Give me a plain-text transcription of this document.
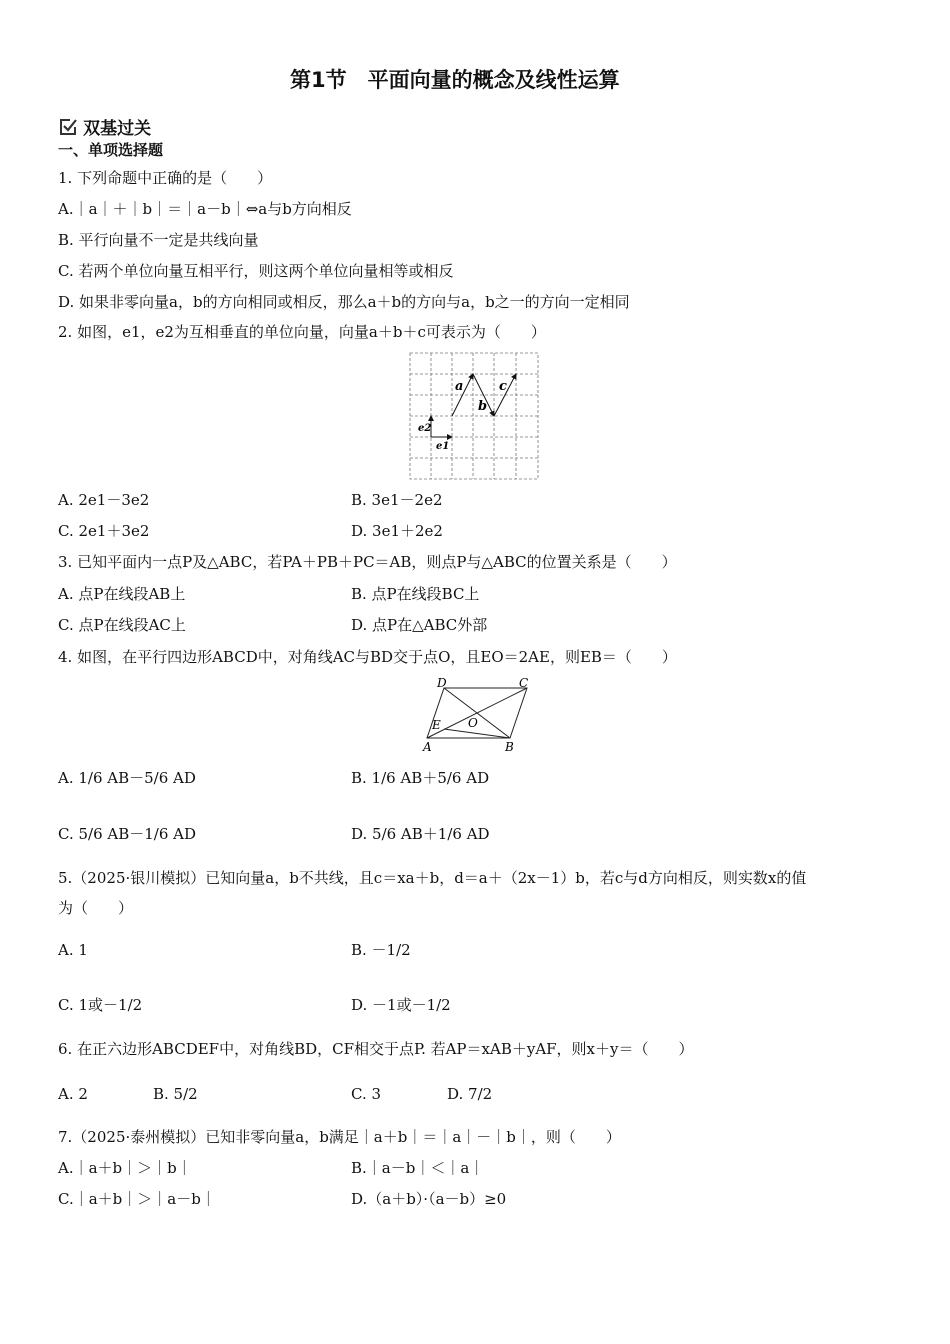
第1节　平面向量的概念及线性运算
双基过关
一、单项选择题
1. 下列命题中正确的是（　　）
A.｜a｜＋｜b｜＝｜a－b｜⇔a与b方向相反
B. 平行向量不一定是共线向量
C. 若两个单位向量互相平行，则这两个单位向量相等或相反
D. 如果非零向量a，b的方向相同或相反，那么a＋b的方向与a，b之一的方向一定相同
2. 如图，e1，e2为互相垂直的单位向量，向量a＋b＋c可表示为（　　）
a
b
c
e2
e1
A. 2e1－3e2	B. 3e1－2e2
C. 2e1＋3e2	D. 3e1＋2e2
3. 已知平面内一点P及△ABC，若PA＋PB＋PC＝AB，则点P与△ABC的位置关系是（　　）
A. 点P在线段AB上	B. 点P在线段BC上
C. 点P在线段AC上	D. 点P在△ABC外部
4. 如图，在平行四边形ABCD中，对角线AC与BD交于点O，且EO＝2AE，则EB＝（　　）
A	B
C
D
E O
A. 1/6 AB－5/6 AD	B. 1/6 AB＋5/6 AD
C. 5/6 AB－1/6 AD	D. 5/6 AB＋1/6 AD
5.（2025·银川模拟）已知向量a，b不共线，且c＝xa＋b，d＝a＋（2x－1）b，若c与d方向相反，则实数x的值
为（　　）
A. 1	B. －1/2
C. 1或－1/2	D. －1或－1/2
6. 在正六边形ABCDEF中，对角线BD，CF相交于点P. 若AP＝xAB＋yAF，则x＋y＝（　　）
A. 2	B. 5/2	C. 3	D. 7/2
7.（2025·泰州模拟）已知非零向量a，b满足｜a＋b｜＝｜a｜－｜b｜，则（　　）
A.｜a＋b｜＞｜b｜	B.｜a－b｜＜｜a｜
C.｜a＋b｜＞｜a－b｜	D.（a＋b）·（a－b）≥0
